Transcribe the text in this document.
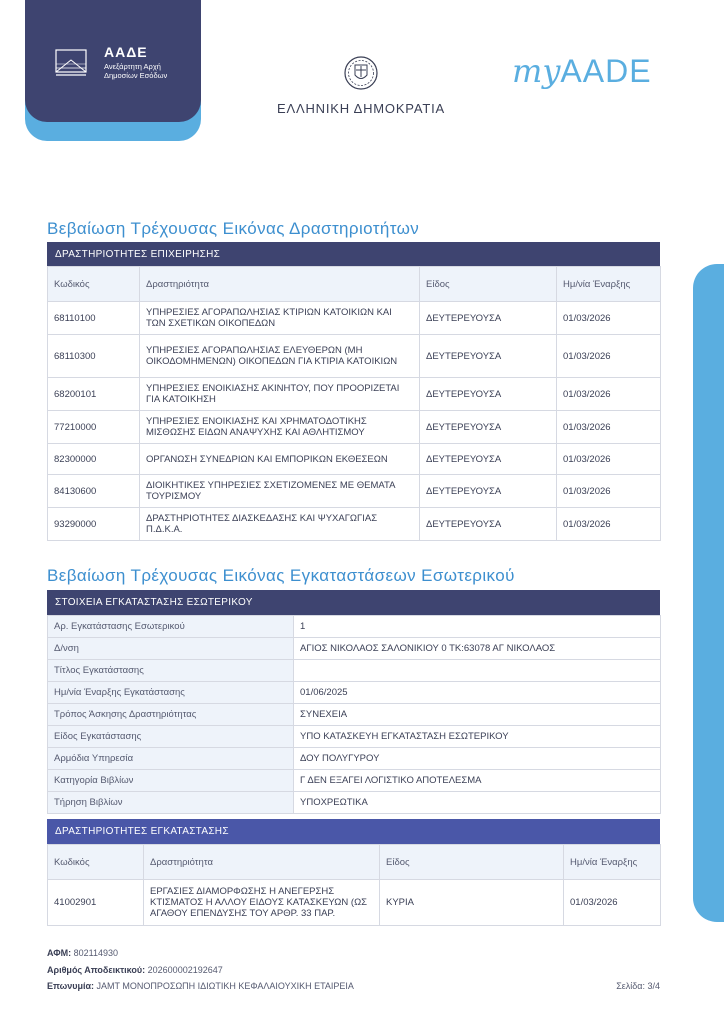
ΑΑΔΕ
Ανεξάρτητη Αρχή
Δημοσίων Εσόδων
ΕΛΛΗΝΙΚΗ ΔΗΜΟΚΡΑΤΙΑ
myAADE
Βεβαίωση Τρέχουσας Εικόνας Δραστηριοτήτων
ΔΡΑΣΤΗΡΙΟΤΗΤΕΣ ΕΠΙΧΕΙΡΗΣΗΣ
Κωδικός	Δραστηριότητα	Είδος	Ημ/νία Έναρξης
68110100	ΥΠΗΡΕΣΙΕΣ ΑΓΟΡΑΠΩΛΗΣΙΑΣ ΚΤΙΡΙΩΝ ΚΑΤΟΙΚΙΩΝ ΚΑΙ ΤΩΝ ΣΧΕΤΙΚΩΝ ΟΙΚΟΠΕΔΩΝ	ΔΕΥΤΕΡΕΥΟΥΣΑ	01/03/2026
68110300	ΥΠΗΡΕΣΙΕΣ ΑΓΟΡΑΠΩΛΗΣΙΑΣ ΕΛΕΥΘΕΡΩΝ (ΜΗ ΟΙΚΟΔΟΜΗΜΕΝΩΝ) ΟΙΚΟΠΕΔΩΝ ΓΙΑ ΚΤΙΡΙΑ ΚΑΤΟΙΚΙΩΝ	ΔΕΥΤΕΡΕΥΟΥΣΑ	01/03/2026
68200101	ΥΠΗΡΕΣΙΕΣ ΕΝΟΙΚΙΑΣΗΣ ΑΚΙΝΗΤΟΥ, ΠΟΥ ΠΡΟΟΡΙΖΕΤΑΙ ΓΙΑ ΚΑΤΟΙΚΗΣΗ	ΔΕΥΤΕΡΕΥΟΥΣΑ	01/03/2026
77210000	ΥΠΗΡΕΣΙΕΣ ΕΝΟΙΚΙΑΣΗΣ ΚΑΙ ΧΡΗΜΑΤΟΔΟΤΙΚΗΣ ΜΙΣΘΩΣΗΣ ΕΙΔΩΝ ΑΝΑΨΥΧΗΣ ΚΑΙ ΑΘΛΗΤΙΣΜΟΥ	ΔΕΥΤΕΡΕΥΟΥΣΑ	01/03/2026
82300000	ΟΡΓΑΝΩΣΗ ΣΥΝΕΔΡΙΩΝ ΚΑΙ ΕΜΠΟΡΙΚΩΝ ΕΚΘΕΣΕΩΝ	ΔΕΥΤΕΡΕΥΟΥΣΑ	01/03/2026
84130600	ΔΙΟΙΚΗΤΙΚΕΣ ΥΠΗΡΕΣΙΕΣ ΣΧΕΤΙΖΟΜΕΝΕΣ ΜΕ ΘΕΜΑΤΑ ΤΟΥΡΙΣΜΟΥ	ΔΕΥΤΕΡΕΥΟΥΣΑ	01/03/2026
93290000	ΔΡΑΣΤΗΡΙΟΤΗΤΕΣ ΔΙΑΣΚΕΔΑΣΗΣ ΚΑΙ ΨΥΧΑΓΩΓΙΑΣ Π.Δ.Κ.Α.	ΔΕΥΤΕΡΕΥΟΥΣΑ	01/03/2026
Βεβαίωση Τρέχουσας Εικόνας Εγκαταστάσεων Εσωτερικού
ΣΤΟΙΧΕΙΑ ΕΓΚΑΤΑΣΤΑΣΗΣ ΕΣΩΤΕΡΙΚΟΥ
Αρ. Εγκατάστασης Εσωτερικού	1
Δ/νση	ΑΓΙΟΣ ΝΙΚΟΛΑΟΣ ΣΑΛΟΝΙΚΙΟΥ 0 ΤΚ:63078 ΑΓ ΝΙΚΟΛΑΟΣ
Τίτλος Εγκατάστασης	
Ημ/νία Έναρξης Εγκατάστασης	01/06/2025
Τρόπος Άσκησης Δραστηριότητας	ΣΥΝΕΧΕΙΑ
Είδος Εγκατάστασης	ΥΠΟ ΚΑΤΑΣΚΕΥΗ ΕΓΚΑΤΑΣΤΑΣΗ ΕΣΩΤΕΡΙΚΟΥ
Αρμόδια Υπηρεσία	ΔΟΥ ΠΟΛΥΓΥΡΟΥ
Κατηγορία Βιβλίων	Γ ΔΕΝ ΕΞΑΓΕΙ ΛΟΓΙΣΤΙΚΟ ΑΠΟΤΕΛΕΣΜΑ
Τήρηση Βιβλίων	ΥΠΟΧΡΕΩΤΙΚΑ
ΔΡΑΣΤΗΡΙΟΤΗΤΕΣ ΕΓΚΑΤΑΣΤΑΣΗΣ
Κωδικός	Δραστηριότητα	Είδος	Ημ/νία Έναρξης
41002901	ΕΡΓΑΣΙΕΣ ΔΙΑΜΟΡΦΩΣΗΣ Η ΑΝΕΓΕΡΣΗΣ ΚΤΙΣΜΑΤΟΣ Η ΑΛΛΟΥ ΕΙΔΟΥΣ ΚΑΤΑΣΚΕΥΩΝ (ΩΣ ΑΓΑΘΟΥ ΕΠΕΝΔΥΣΗΣ ΤΟΥ ΑΡΘΡ. 33 ΠΑΡ.	ΚΥΡΙΑ	01/03/2026
ΑΦΜ: 802114930
Αριθμός Αποδεικτικού: 202600002192647
Επωνυμία: JAMT ΜΟΝΟΠΡΟΣΩΠΗ ΙΔΙΩΤΙΚΗ ΚΕΦΑΛΑΙΟΥΧΙΚΗ ΕΤΑΙΡΕΙΑ	Σελίδα: 3/4
